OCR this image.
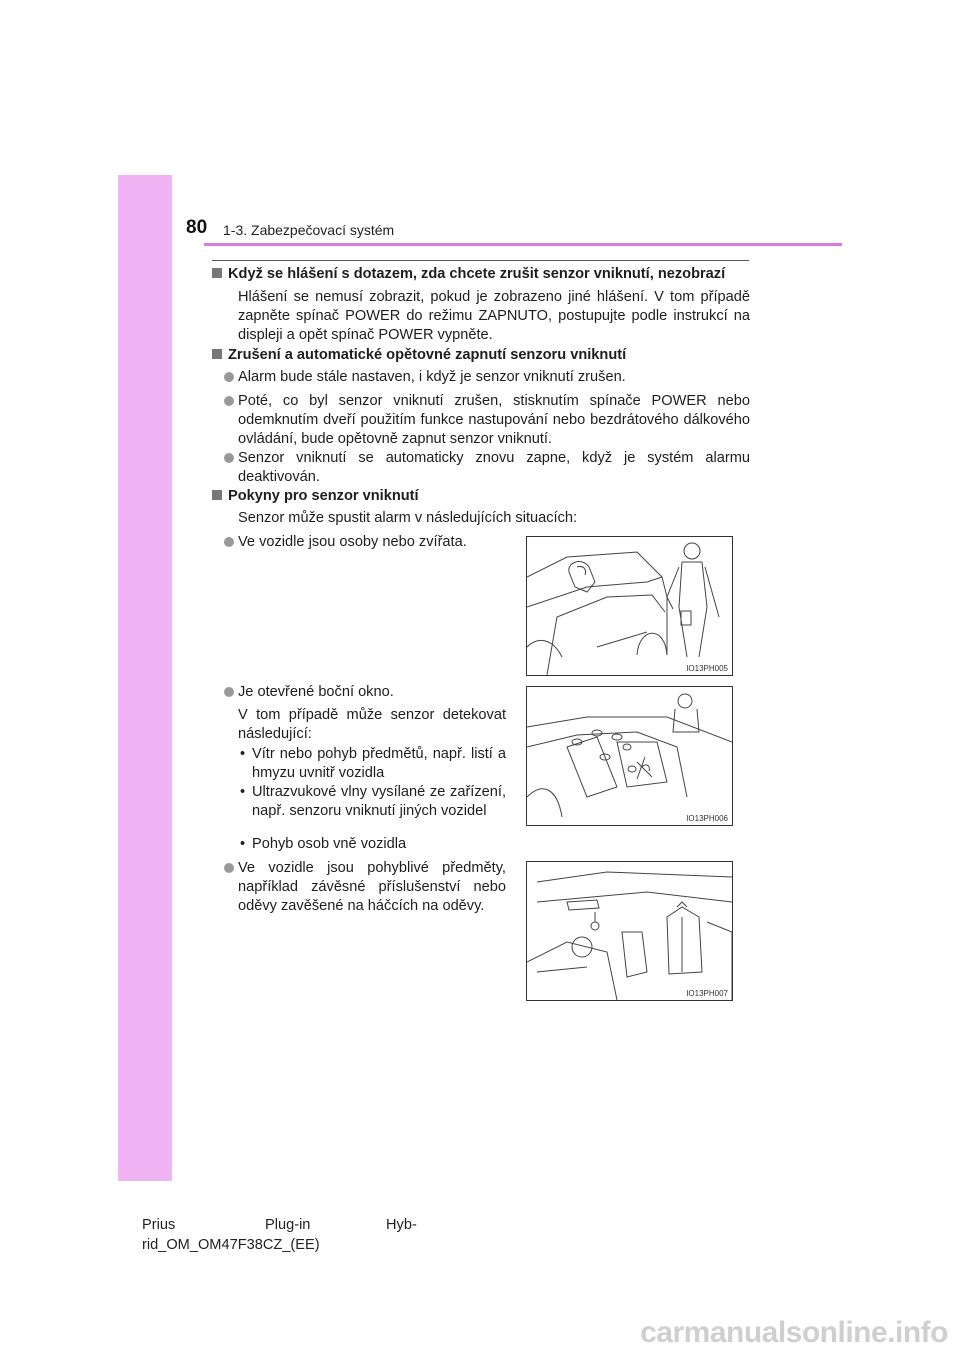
80 1-3. Zabezpečovací systém
Když se hlášení s dotazem, zda chcete zrušit senzor vniknutí, nezobrazí
Hlášení se nemusí zobrazit, pokud je zobrazeno jiné hlášení. V tom případě zapněte spínač POWER do režimu ZAPNUTO, postupujte podle instrukcí na displeji a opět spínač POWER vypněte.
Zrušení a automatické opětovné zapnutí senzoru vniknutí
Alarm bude stále nastaven, i když je senzor vniknutí zrušen.
Poté, co byl senzor vniknutí zrušen, stisknutím spínače POWER nebo odemknutím dveří použitím funkce nastupování nebo bezdrátového dálkového ovládání, bude opětovně zapnut senzor vniknutí.
Senzor vniknutí se automaticky znovu zapne, když je systém alarmu deaktivován.
Pokyny pro senzor vniknutí
Senzor může spustit alarm v následujících situacích:
Ve vozidle jsou osoby nebo zvířata.
Je otevřené boční okno.
V tom případě může senzor detekovat následující:
• Vítr nebo pohyb předmětů, např. listí a hmyzu uvnitř vozidla
• Ultrazvukové vlny vysílané ze zařízení, např. senzoru vniknutí jiných vozidel
• Pohyb osob vně vozidla
Ve vozidle jsou pohyblivé předměty, například závěsné příslušenství nebo oděvy zavěšené na háčcích na oděvy.
IO13PH005
IO13PH006
IO13PH007
Prius	Plug-in	Hyb-
rid_OM_OM47F38CZ_(EE)
carmanualsonline.info
